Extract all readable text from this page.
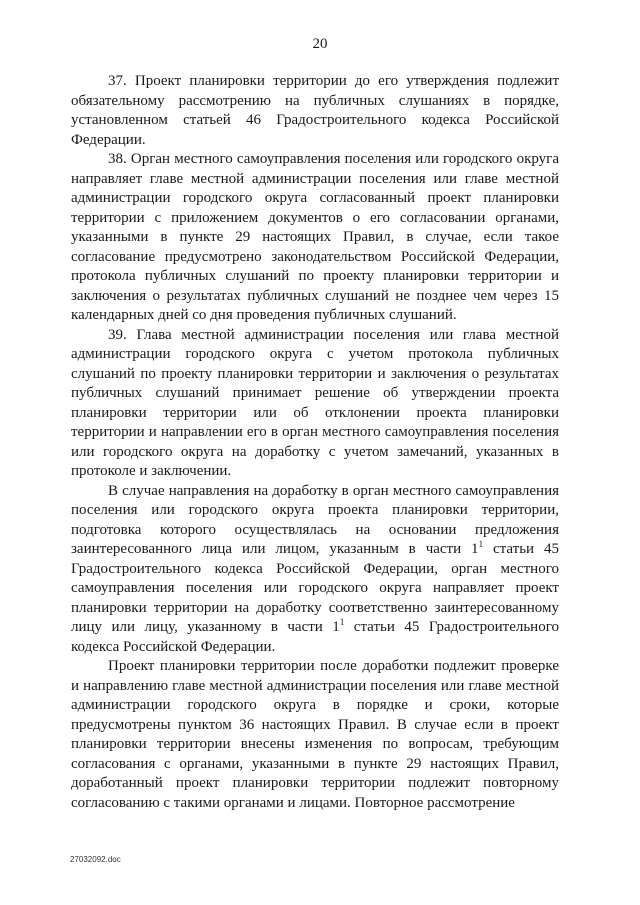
20

37. Проект планировки территории до его утверждения подлежит обязательному рассмотрению на публичных слушаниях в порядке, установленном статьей 46 Градостроительного кодекса Российской Федерации.

38. Орган местного самоуправления поселения или городского округа направляет главе местной администрации поселения или главе местной администрации городского округа согласованный проект планировки территории с приложением документов о его согласовании органами, указанными в пункте 29 настоящих Правил, в случае, если такое согласование предусмотрено законодательством Российской Федерации, протокола публичных слушаний по проекту планировки территории и заключения о результатах публичных слушаний не позднее чем через 15 календарных дней со дня проведения публичных слушаний.

39. Глава местной администрации поселения или глава местной администрации городского округа с учетом протокола публичных слушаний по проекту планировки территории и заключения о результатах публичных слушаний принимает решение об утверждении проекта планировки территории или об отклонении проекта планировки территории и направлении его в орган местного самоуправления поселения или городского округа на доработку с учетом замечаний, указанных в протоколе и заключении.

В случае направления на доработку в орган местного самоуправления поселения или городского округа проекта планировки территории, подготовка которого осуществлялась на основании предложения заинтересованного лица или лицом, указанным в части $1^1$ статьи 45 Градостроительного кодекса Российской Федерации, орган местного самоуправления поселения или городского округа направляет проект планировки территории на доработку соответственно заинтересованному лицу или лицу, указанному в части $1^1$ статьи 45 Градостроительного кодекса Российской Федерации.

Проект планировки территории после доработки подлежит проверке и направлению главе местной администрации поселения или главе местной администрации городского округа в порядке и сроки, которые предусмотрены пунктом 36 настоящих Правил. В случае если в проект планировки территории внесены изменения по вопросам, требующим согласования с органами, указанными в пункте 29 настоящих Правил, доработанный проект планировки территории подлежит повторному согласованию с такими органами и лицами. Повторное рассмотрение

27032092.doc
